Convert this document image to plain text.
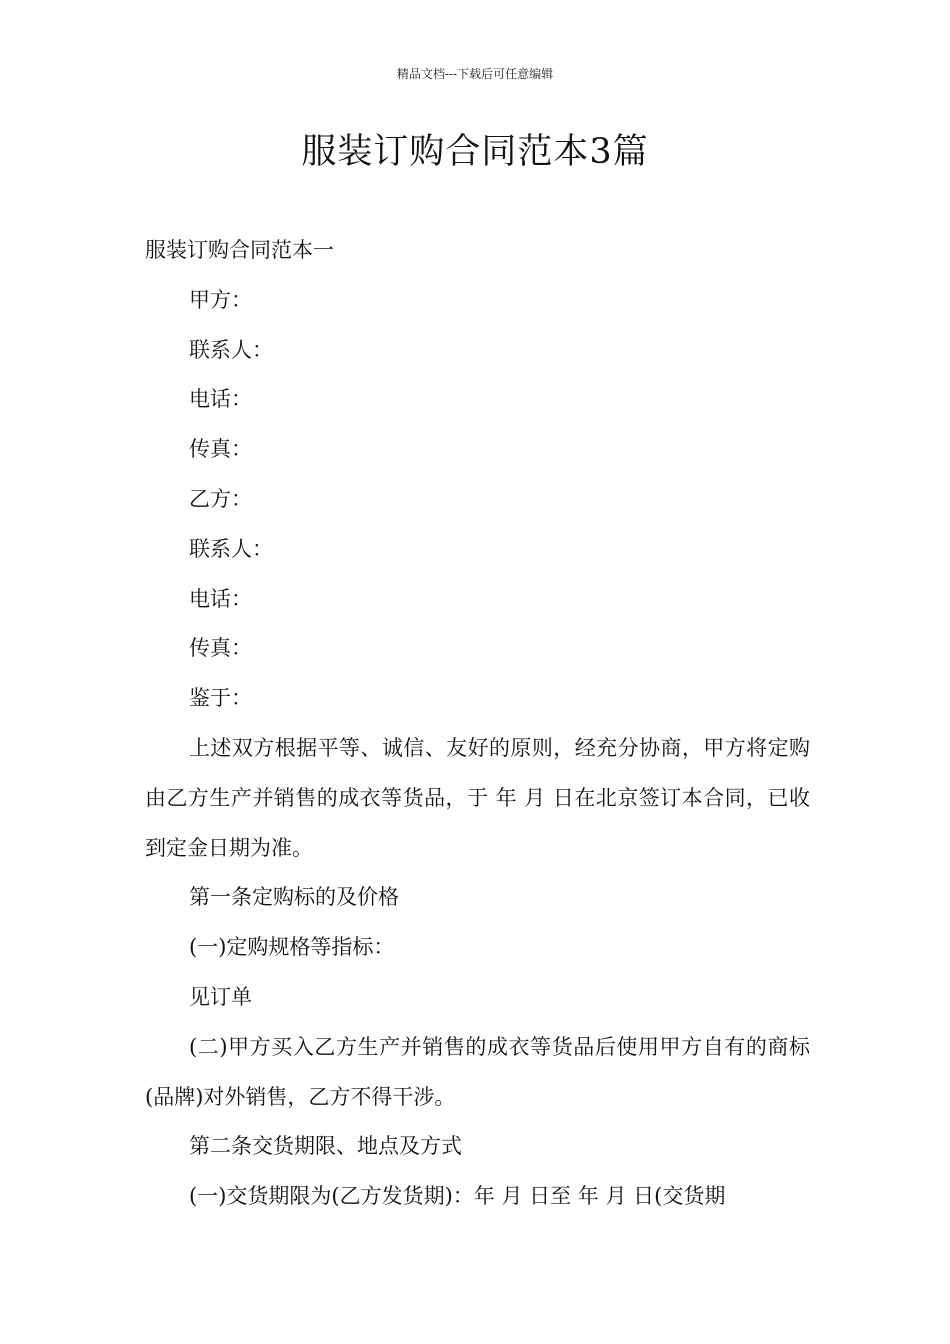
精品文档---下载后可任意编辑
服装订购合同范本3篇

服装订购合同范本一

甲方：

联系人：

电话：

传真：

乙方：

联系人：

电话：

传真：

鉴于：

上述双方根据平等、诚信、友好的原则，经充分协商，甲方将定购由乙方生产并销售的成衣等货品，于 年 月 日在北京签订本合同，已收到定金日期为准。

第一条定购标的及价格

(一)定购规格等指标：

见订单

(二)甲方买入乙方生产并销售的成衣等货品后使用甲方自有的商标(品牌)对外销售，乙方不得干涉。

第二条交货期限、地点及方式

(一)交货期限为(乙方发货期)：年 月 日至 年 月 日(交货期
